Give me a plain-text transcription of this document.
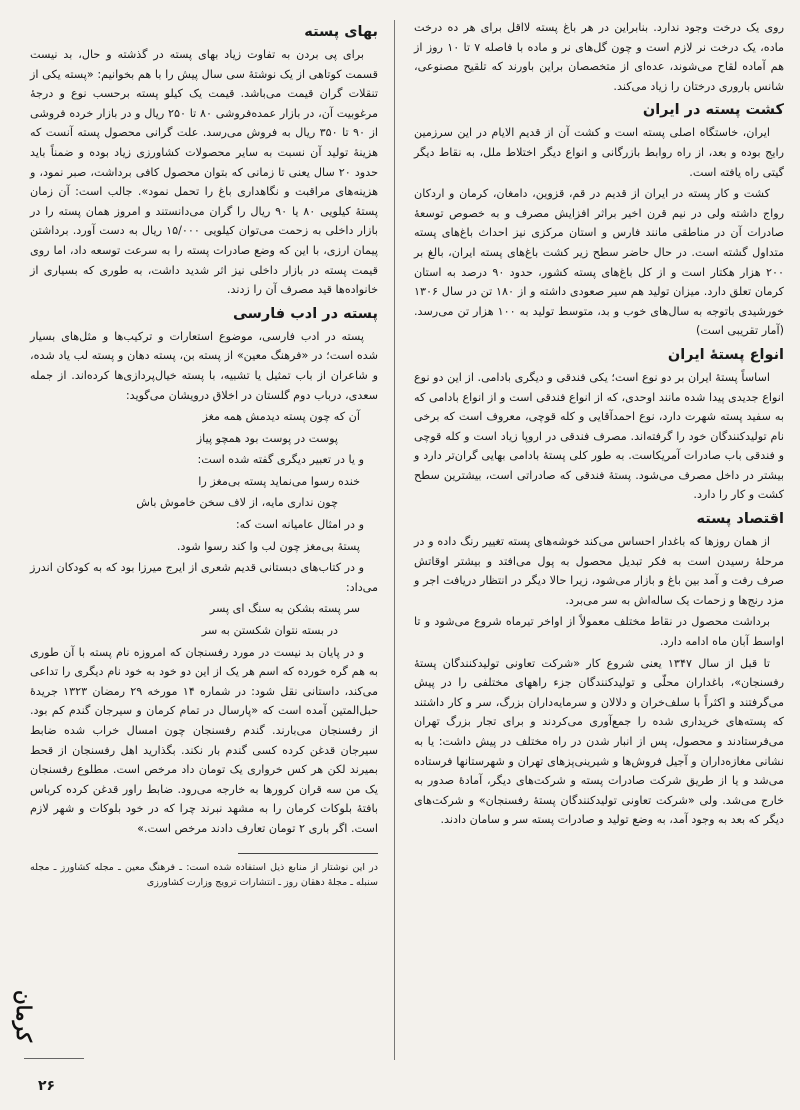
روی یک درخت وجود ندارد. بنابراین در هر باغ پسته لااقل برای هر ده درخت ماده، یک درخت نر لازم است و چون گل‌های نر و ماده با فاصله ۷ تا ۱۰ روز از هم آماده لقاح می‌شوند، عده‌ای از متخصصان براین باورند که تلقیح مصنوعی، شانس باروری درختان را زیاد می‌کند.

کشت پسته در ایران

ایران، خاستگاه اصلی پسته است و کشت آن از قدیم الایام در این سرزمین رایج بوده و بعد، از راه روابط بازرگانی و انواع دیگر اختلاط ملل، به نقاط دیگر گیتی راه یافته است.

کشت و کار پسته در ایران از قدیم در قم، قزوین، دامغان، کرمان و اردکان رواج داشته ولی در نیم قرن اخیر براثر افزایش مصرف و به خصوص توسعهٔ صادرات آن در مناطقی مانند فارس و استان مرکزی نیز احداث باغ‌های پسته متداول گشته است. در حال حاضر سطح زیر کشت باغ‌های پسته ایران، بالغ بر ۲۰۰ هزار هکتار است و از کل باغ‌های پسته کشور، حدود ۹۰ درصد به استان کرمان تعلق دارد. میزان تولید هم سیر صعودی داشته و از ۱۸۰ تن در سال ۱۳۰۶ خورشیدی باتوجه به سال‌های خوب و بد، متوسط تولید به ۱۰۰ هزار تن می‌رسد. (آمار تقریبی است)

انواع پستهٔ ایران

اساساً پستهٔ ایران بر دو نوع است؛ یکی فندقی و دیگری بادامی. از این دو نوع انواع جدیدی پیدا شده مانند اوحدی، که از انواع فندقی است و از انواع بادامی که به سفید پسته شهرت دارد، نوع احمدآقایی و کله قوچی، معروف است که برخی نام تولیدکنندگان خود را گرفته‌اند. مصرف فندقی در اروپا زیاد است و کله قوچی و فندقی باب صادرات آمریکاست. به طور کلی پستهٔ بادامی بهایی گران‌تر دارد و بیشتر در داخل مصرف می‌شود. پستهٔ فندقی که صادراتی است، بیشترین سطح کشت و کار را دارد.

اقتصاد پسته

از همان روزها که باغدار احساس می‌کند خوشه‌های پسته تغییر رنگ داده و در مرحلهٔ رسیدن است به فکر تبدیل محصول به پول می‌افتد و بیشتر اوقاتش صرف رفت و آمد بین باغ و بازار می‌شود، زیرا حالا دیگر در انتظار دریافت اجر و مزد رنج‌ها و زحمات یک ساله‌اش به سر می‌برد.

برداشت محصول در نقاط مختلف معمولاً از اواخر تیرماه شروع می‌شود و تا اواسط آبان ماه ادامه دارد.

تا قبل از سال ۱۳۴۷ یعنی شروع کار «شرکت تعاونی تولیدکنندگان پستهٔ رفسنجان»، باغداران محلّی و تولیدکنندگان جزء راههای مختلفی را در پیش می‌گرفتند و اکثراً با سلف‌خران و دلالان و سرمایه‌داران بزرگ، سر و کار داشتند که پسته‌های خریداری شده را جمع‌آوری می‌کردند و برای تجار بزرگ تهران می‌فرستادند و محصول، پس از انبار شدن در راه مختلف در پیش داشت: یا به نشانی مغازه‌داران و آجیل فروش‌ها و شیرینی‌پزهای تهران و شهرستانها فرستاده می‌شد و یا از طریق شرکت صادرات پسته و شرکت‌های دیگر، آمادهٔ صدور به خارج می‌شد. ولی «شرکت تعاونی تولیدکنندگان پستهٔ رفسنجان» و شرکت‌های دیگر که بعد به وجود آمد، به وضع تولید و صادرات پسته سر و سامان دادند.

بهای پسته

برای پی بردن به تفاوت زیاد بهای پسته در گذشته و حال، بد نیست قسمت کوتاهی از یک نوشتهٔ سی سال پیش را با هم بخوانیم: «پسته یکی از تنقلات گران قیمت می‌باشد. قیمت یک کیلو پسته برحسب نوع و درجهٔ مرغوبیت آن، در بازار عمده‌فروشی ۸۰ تا ۲۵۰ ریال و در بازار خرده فروشی از ۹۰ تا ۳۵۰ ریال به فروش می‌رسد. علت گرانی محصول پسته آنست که هزینهٔ تولید آن نسبت به سایر محصولات کشاورزی زیاد بوده و ضمناً باید حدود ۲۰ سال یعنی تا زمانی که بتوان محصول کافی برداشت، صبر نمود، و هزینه‌های مراقبت و نگاهداری باغ را تحمل نمود». جالب است: آن زمان پستهٔ کیلویی ۸۰ یا ۹۰ ریال را گران می‌دانستند و امروز همان پسته را در بازار داخلی به زحمت می‌توان کیلویی ۱۵/۰۰۰ ریال به دست آورد. برداشتن پیمان ارزی، با این که وضع صادرات پسته را به سرعت توسعه داد، اما روی قیمت پسته در بازار داخلی نیز اثر شدید داشت، به طوری که بسیاری از خانواده‌ها قید مصرف آن را زدند.

پسته در ادب فارسی

پسته در ادب فارسی، موضوع استعارات و ترکیب‌ها و مثل‌های بسیار شده است؛ در «فرهنگ معین» از پسته بن، پسته دهان و پسته لب یاد شده، و شاعران از باب تمثیل یا تشبیه، با پسته خیال‌پردازی‌ها کرده‌اند. از جمله سعدی، درباب دوم گلستان در اخلاق درویشان می‌گوید:

آن که چون پسته دیدمش همه مغز

پوست در پوست بود همچو پیاز

و یا در تعبیر دیگری گفته شده است:

خنده رسوا می‌نماید پسته بی‌مغز را

چون نداری مایه، از لاف سخن خاموش باش

و در امثال عامیانه است که:

پستهٔ بی‌مغز چون لب وا کند رسوا شود.

و در کتاب‌های دبستانی قدیم شعری از ایرج میرزا بود که به کودکان اندرز می‌داد:

سر پسته بشکن به سنگ ای پسر

در بسته نتوان شکستن به سر

و در پایان بد نیست در مورد رفسنجان که امروزه نام پسته با آن طوری به هم گره خورده که اسم هر یک از این دو خود به خود نام دیگری را تداعی می‌کند، داستانی نقل شود: در شماره ۱۴ مورخه ۲۹ رمضان ۱۳۲۳ جریدهٔ حبل‌المتین آمده است که «پارسال در تمام کرمان و سیرجان گندم کم بود. از رفسنجان می‌بارند. گندم رفسنجان چون امسال خراب شده ضابط سیرجان قدغن کرده کسی گندم بار نکند. بگذارید اهل رفسنجان از قحط بمیرند لکن هر کس خرواری یک تومان داد مرخص است. مطلوع رفسنجان یک من سه قران کرورها به خارجه می‌رود. ضابط راور قدغن کرده کرباس بافتهٔ بلوکات کرمان را به مشهد نبرند چرا که در خود بلوکات و شهر لازم است. اگر باری ۲ تومان تعارف دادند مرخص است.»

در این نوشتار از منابع ذیل استفاده شده است: ـ فرهنگ معین ـ مجله کشاورز ـ مجله سنبله ـ مجلهٔ دهقان روز ـ انتشارات ترویج وزارت کشاورزی

کرمان
۲۶
